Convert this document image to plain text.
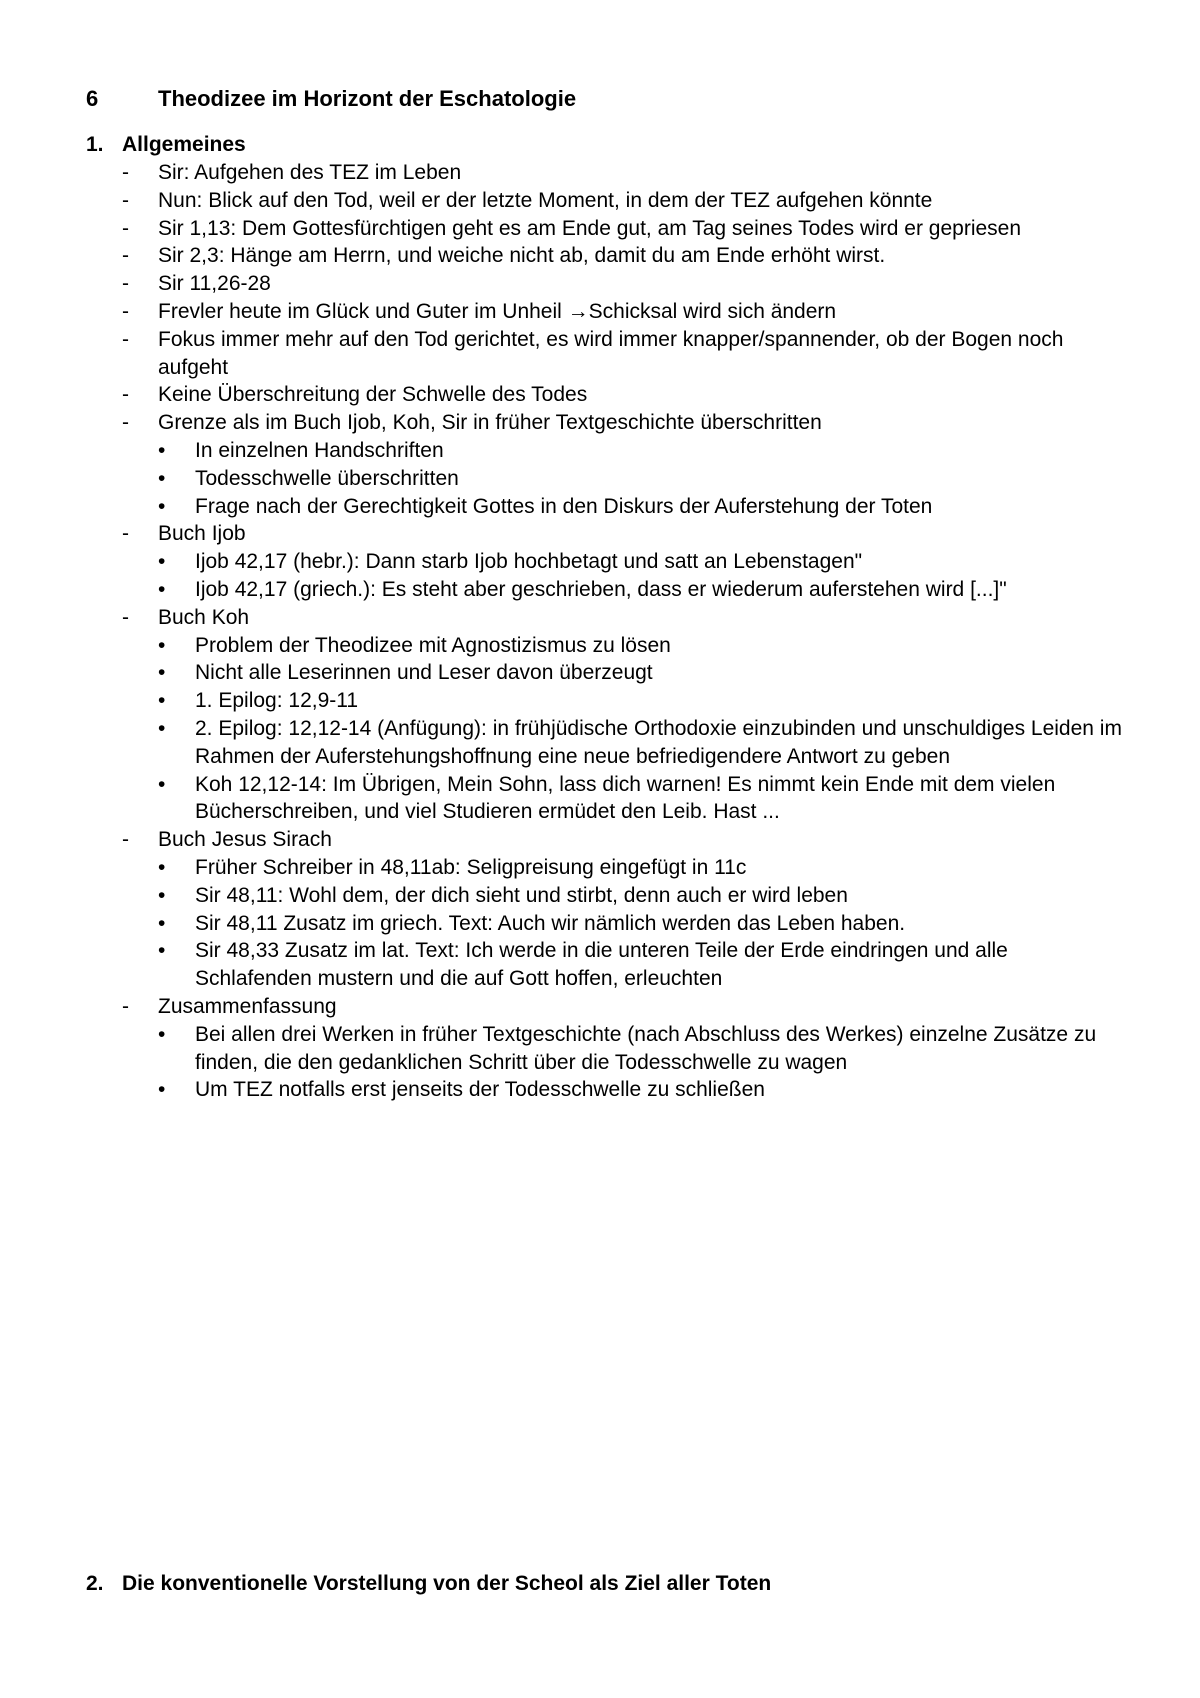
6	Theodizee im Horizont der Eschatologie
1. Allgemeines
-	Sir: Aufgehen des TEZ im Leben
-	Nun: Blick auf den Tod, weil er der letzte Moment, in dem der TEZ aufgehen könnte
-	Sir 1,13: Dem Gottesfürchtigen geht es am Ende gut, am Tag seines Todes wird er gepriesen
-	Sir 2,3: Hänge am Herrn, und weiche nicht ab, damit du am Ende erhöht wirst.
-	Sir 11,26-28
-	Frevler heute im Glück und Guter im Unheil →Schicksal wird sich ändern
-	Fokus immer mehr auf den Tod gerichtet, es wird immer knapper/spannender, ob der Bogen noch aufgeht
-	Keine Überschreitung der Schwelle des Todes
-	Grenze als im Buch Ijob, Koh, Sir in früher Textgeschichte überschritten
•	In einzelnen Handschriften
•	Todesschwelle überschritten
•	Frage nach der Gerechtigkeit Gottes in den Diskurs der Auferstehung der Toten
-	Buch Ijob
•	Ijob 42,17 (hebr.): Dann starb Ijob hochbetagt und satt an Lebenstagen"
•	Ijob 42,17 (griech.): Es steht aber geschrieben, dass er wiederum auferstehen wird [...]"
-	Buch Koh
•	Problem der Theodizee mit Agnostizismus zu lösen
•	Nicht alle Leserinnen und Leser davon überzeugt
•	1. Epilog: 12,9-11
•	2. Epilog: 12,12-14 (Anfügung): in frühjüdische Orthodoxie einzubinden und unschuldiges Leiden im Rahmen der Auferstehungshoffnung eine neue befriedigendere Antwort zu geben
•	Koh 12,12-14: Im Übrigen, Mein Sohn, lass dich warnen! Es nimmt kein Ende mit dem vielen Bücherschreiben, und viel Studieren ermüdet den Leib. Hast ...
-	Buch Jesus Sirach
•	Früher Schreiber in 48,11ab: Seligpreisung eingefügt in 11c
•	Sir 48,11: Wohl dem, der dich sieht und stirbt, denn auch er wird leben
•	Sir 48,11 Zusatz im griech. Text: Auch wir nämlich werden das Leben haben.
•	Sir 48,33 Zusatz im lat. Text: Ich werde in die unteren Teile der Erde eindringen und alle Schlafenden mustern und die auf Gott hoffen, erleuchten
-	Zusammenfassung
•	Bei allen drei Werken in früher Textgeschichte (nach Abschluss des Werkes) einzelne Zusätze zu finden, die den gedanklichen Schritt über die Todesschwelle zu wagen
•	Um TEZ notfalls erst jenseits der Todesschwelle zu schließen
2. Die konventionelle Vorstellung von der Scheol als Ziel aller Toten
